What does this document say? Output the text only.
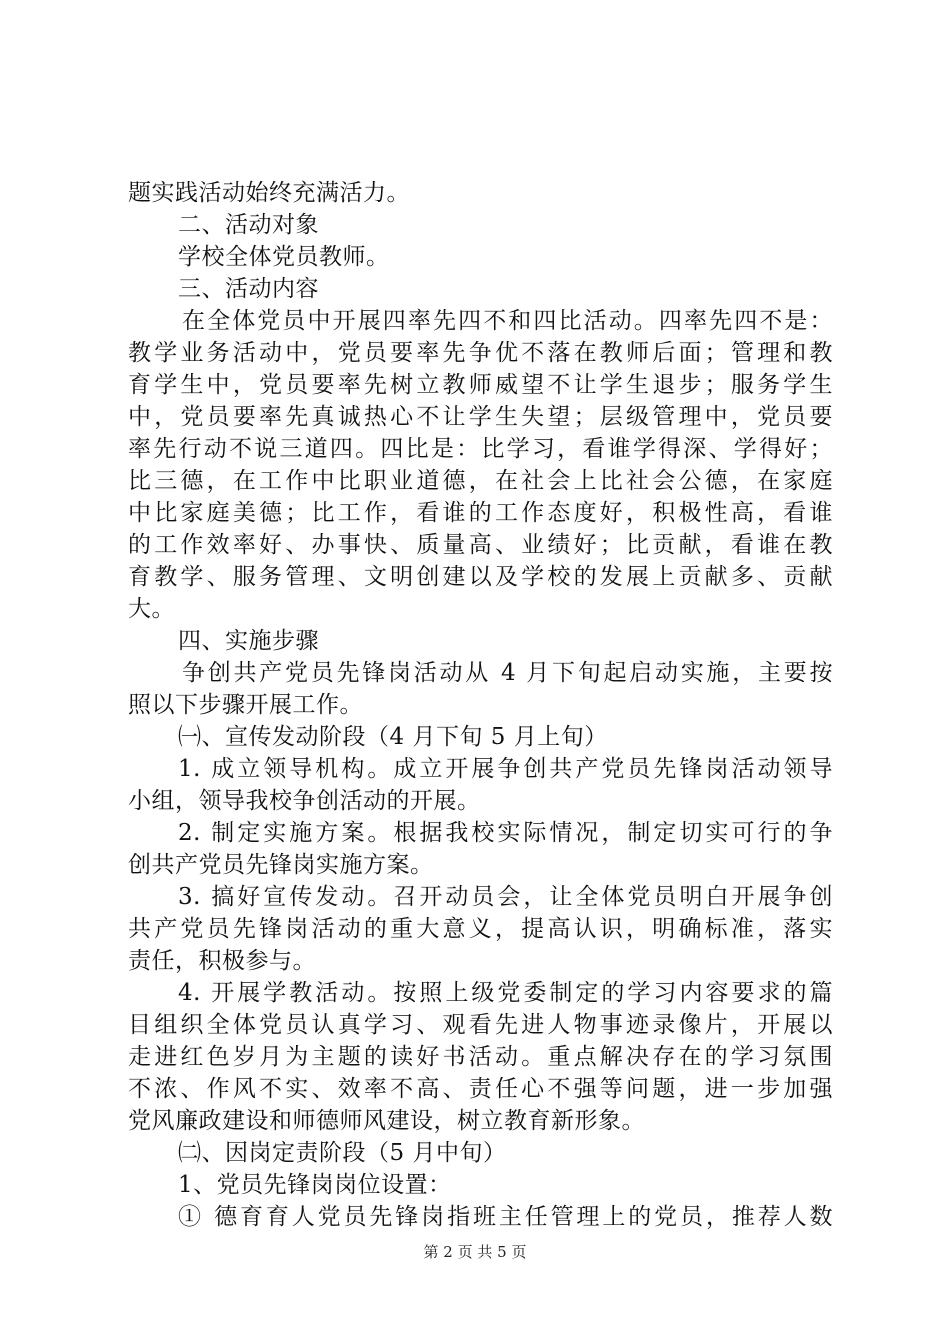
题实践活动始终充满活力。
二、活动对象
学校全体党员教师。
三、活动内容
在全体党员中开展四率先四不和四比活动。四率先四不是：
教学业务活动中，党员要率先争优不落在教师后面；管理和教
育学生中，党员要率先树立教师威望不让学生退步；服务学生
中，党员要率先真诚热心不让学生失望；层级管理中，党员要
率先行动不说三道四。四比是：比学习，看谁学得深、学得好；
比三德，在工作中比职业道德，在社会上比社会公德，在家庭
中比家庭美德；比工作，看谁的工作态度好，积极性高，看谁
的工作效率好、办事快、质量高、业绩好；比贡献，看谁在教
育教学、服务管理、文明创建以及学校的发展上贡献多、贡献
大。
四、实施步骤
争创共产党员先锋岗活动从 4 月下旬起启动实施，主要按
照以下步骤开展工作。
㈠、宣传发动阶段（4 月下旬 5 月上旬）
1. 成立领导机构。成立开展争创共产党员先锋岗活动领导
小组，领导我校争创活动的开展。
2. 制定实施方案。根据我校实际情况，制定切实可行的争
创共产党员先锋岗实施方案。
3. 搞好宣传发动。召开动员会，让全体党员明白开展争创
共产党员先锋岗活动的重大意义，提高认识，明确标准，落实
责任，积极参与。
4. 开展学教活动。按照上级党委制定的学习内容要求的篇
目组织全体党员认真学习、观看先进人物事迹录像片，开展以
走进红色岁月为主题的读好书活动。重点解决存在的学习氛围
不浓、作风不实、效率不高、责任心不强等问题，进一步加强
党风廉政建设和师德师风建设，树立教育新形象。
㈡、因岗定责阶段（5 月中旬）
1、党员先锋岗岗位设置：
① 德育育人党员先锋岗指班主任管理上的党员，推荐人数
第 2 页 共 5 页
